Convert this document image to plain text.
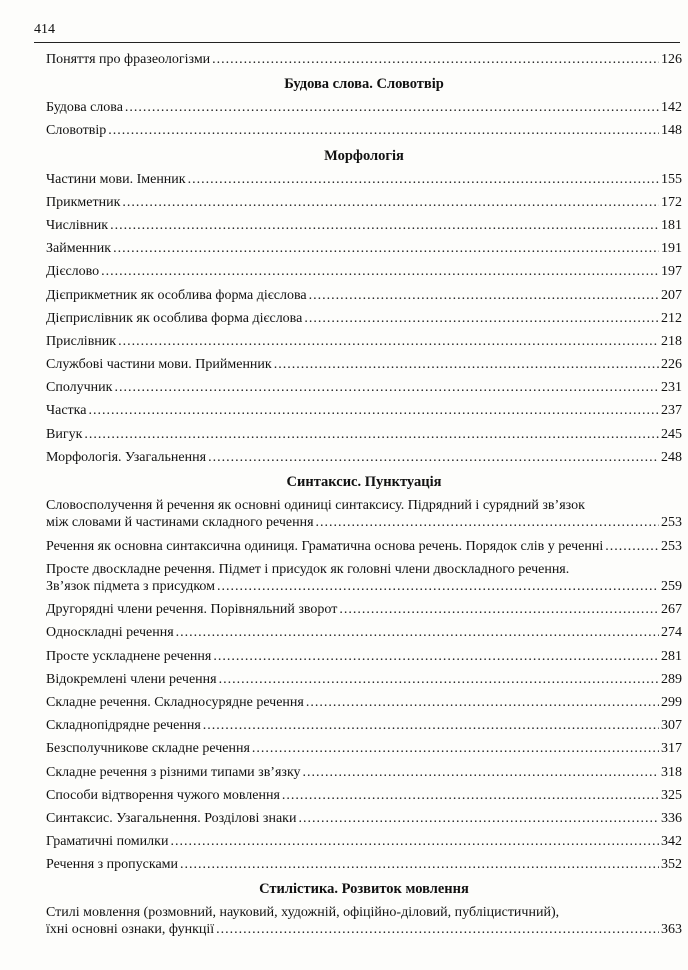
414
Поняття про фразеологізми .....	126
Будова слова. Словотвір
Будова слова .....	142
Словотвір .....	148
Морфологія
Частини мови. Іменник .....	155
Прикметник .....	172
Числівник .....	181
Займенник .....	191
Дієслово .....	197
Дієприкметник як особлива форма дієслова .....	207
Дієприслівник як особлива форма дієслова .....	212
Прислівник .....	218
Службові частини мови. Прийменник .....	226
Сполучник .....	231
Частка .....	237
Вигук .....	245
Морфологія. Узагальнення .....	248
Синтаксис. Пунктуація
Словосполучення й речення як основні одиниці синтаксису. Підрядний і сурядний зв’язок
між словами й частинами складного речення .....	253
Речення як основна синтаксична одиниця. Граматична основа речень. Порядок слів у реченні .....	253
Просте двоскладне речення. Підмет і присудок як головні члени двоскладного речення.
Зв’язок підмета з присудком .....	259
Другорядні члени речення. Порівняльний зворот .....	267
Односкладні речення .....	274
Просте ускладнене речення .....	281
Відокремлені члени речення .....	289
Складне речення. Складносурядне речення .....	299
Складнопідрядне речення .....	307
Безсполучникове складне речення .....	317
Складне речення з різними типами зв’язку .....	318
Способи відтворення чужого мовлення .....	325
Синтаксис. Узагальнення. Розділові знаки .....	336
Граматичні помилки .....	342
Речення з пропусками .....	352
Стилістика. Розвиток мовлення
Стилі мовлення (розмовний, науковий, художній, офіційно-діловий, публіцистичний),
їхні основні ознаки, функції .....	363
